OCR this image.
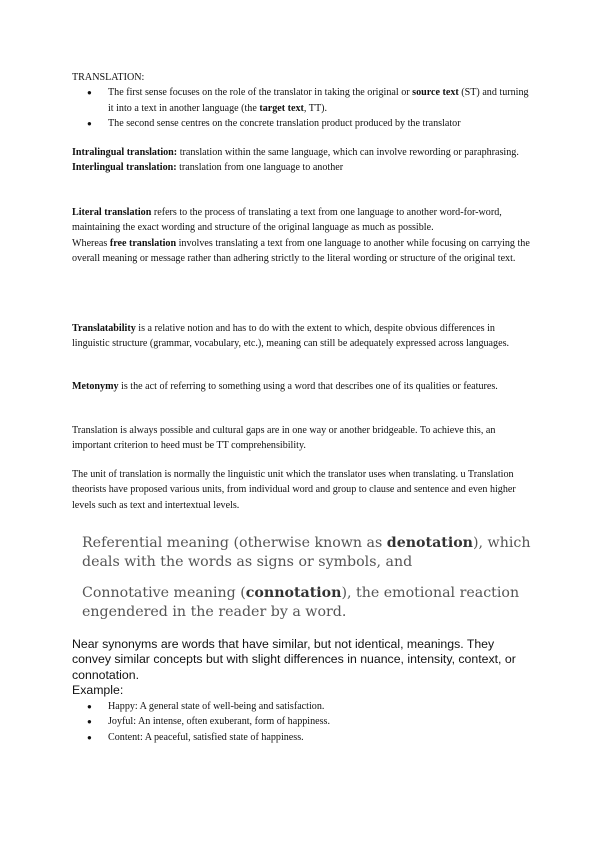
TRANSLATION:

● The first sense focuses on the role of the translator in taking the original or source text (ST) and turning it into a text in another language (the target text, TT).
● The second sense centres on the concrete translation product produced by the translator

Intralingual translation: translation within the same language, which can involve rewording or paraphrasing.

Interlingual translation: translation from one language to another

Literal translation refers to the process of translating a text from one language to another word-for-word, maintaining the exact wording and structure of the original language as much as possible.

Whereas free translation involves translating a text from one language to another while focusing on carrying the overall meaning or message rather than adhering strictly to the literal wording or structure of the original text.

Translatability is a relative notion and has to do with the extent to which, despite obvious differences in linguistic structure (grammar, vocabulary, etc.), meaning can still be adequately expressed across languages.

Metonymy is the act of referring to something using a word that describes one of its qualities or features.

Translation is always possible and cultural gaps are in one way or another bridgeable. To achieve this, an important criterion to heed must be TT comprehensibility.

The unit of translation is normally the linguistic unit which the translator uses when translating. u Translation theorists have proposed various units, from individual word and group to clause and sentence and even higher levels such as text and intertextual levels.

Referential meaning (otherwise known as denotation), which deals with the words as signs or symbols, and
Connotative meaning (connotation), the emotional reaction engendered in the reader by a word.

Near synonyms are words that have similar, but not identical, meanings. They convey similar concepts but with slight differences in nuance, intensity, context, or connotation.

Example:

● Happy: A general state of well-being and satisfaction.
● Joyful: An intense, often exuberant, form of happiness.
● Content: A peaceful, satisfied state of happiness.
